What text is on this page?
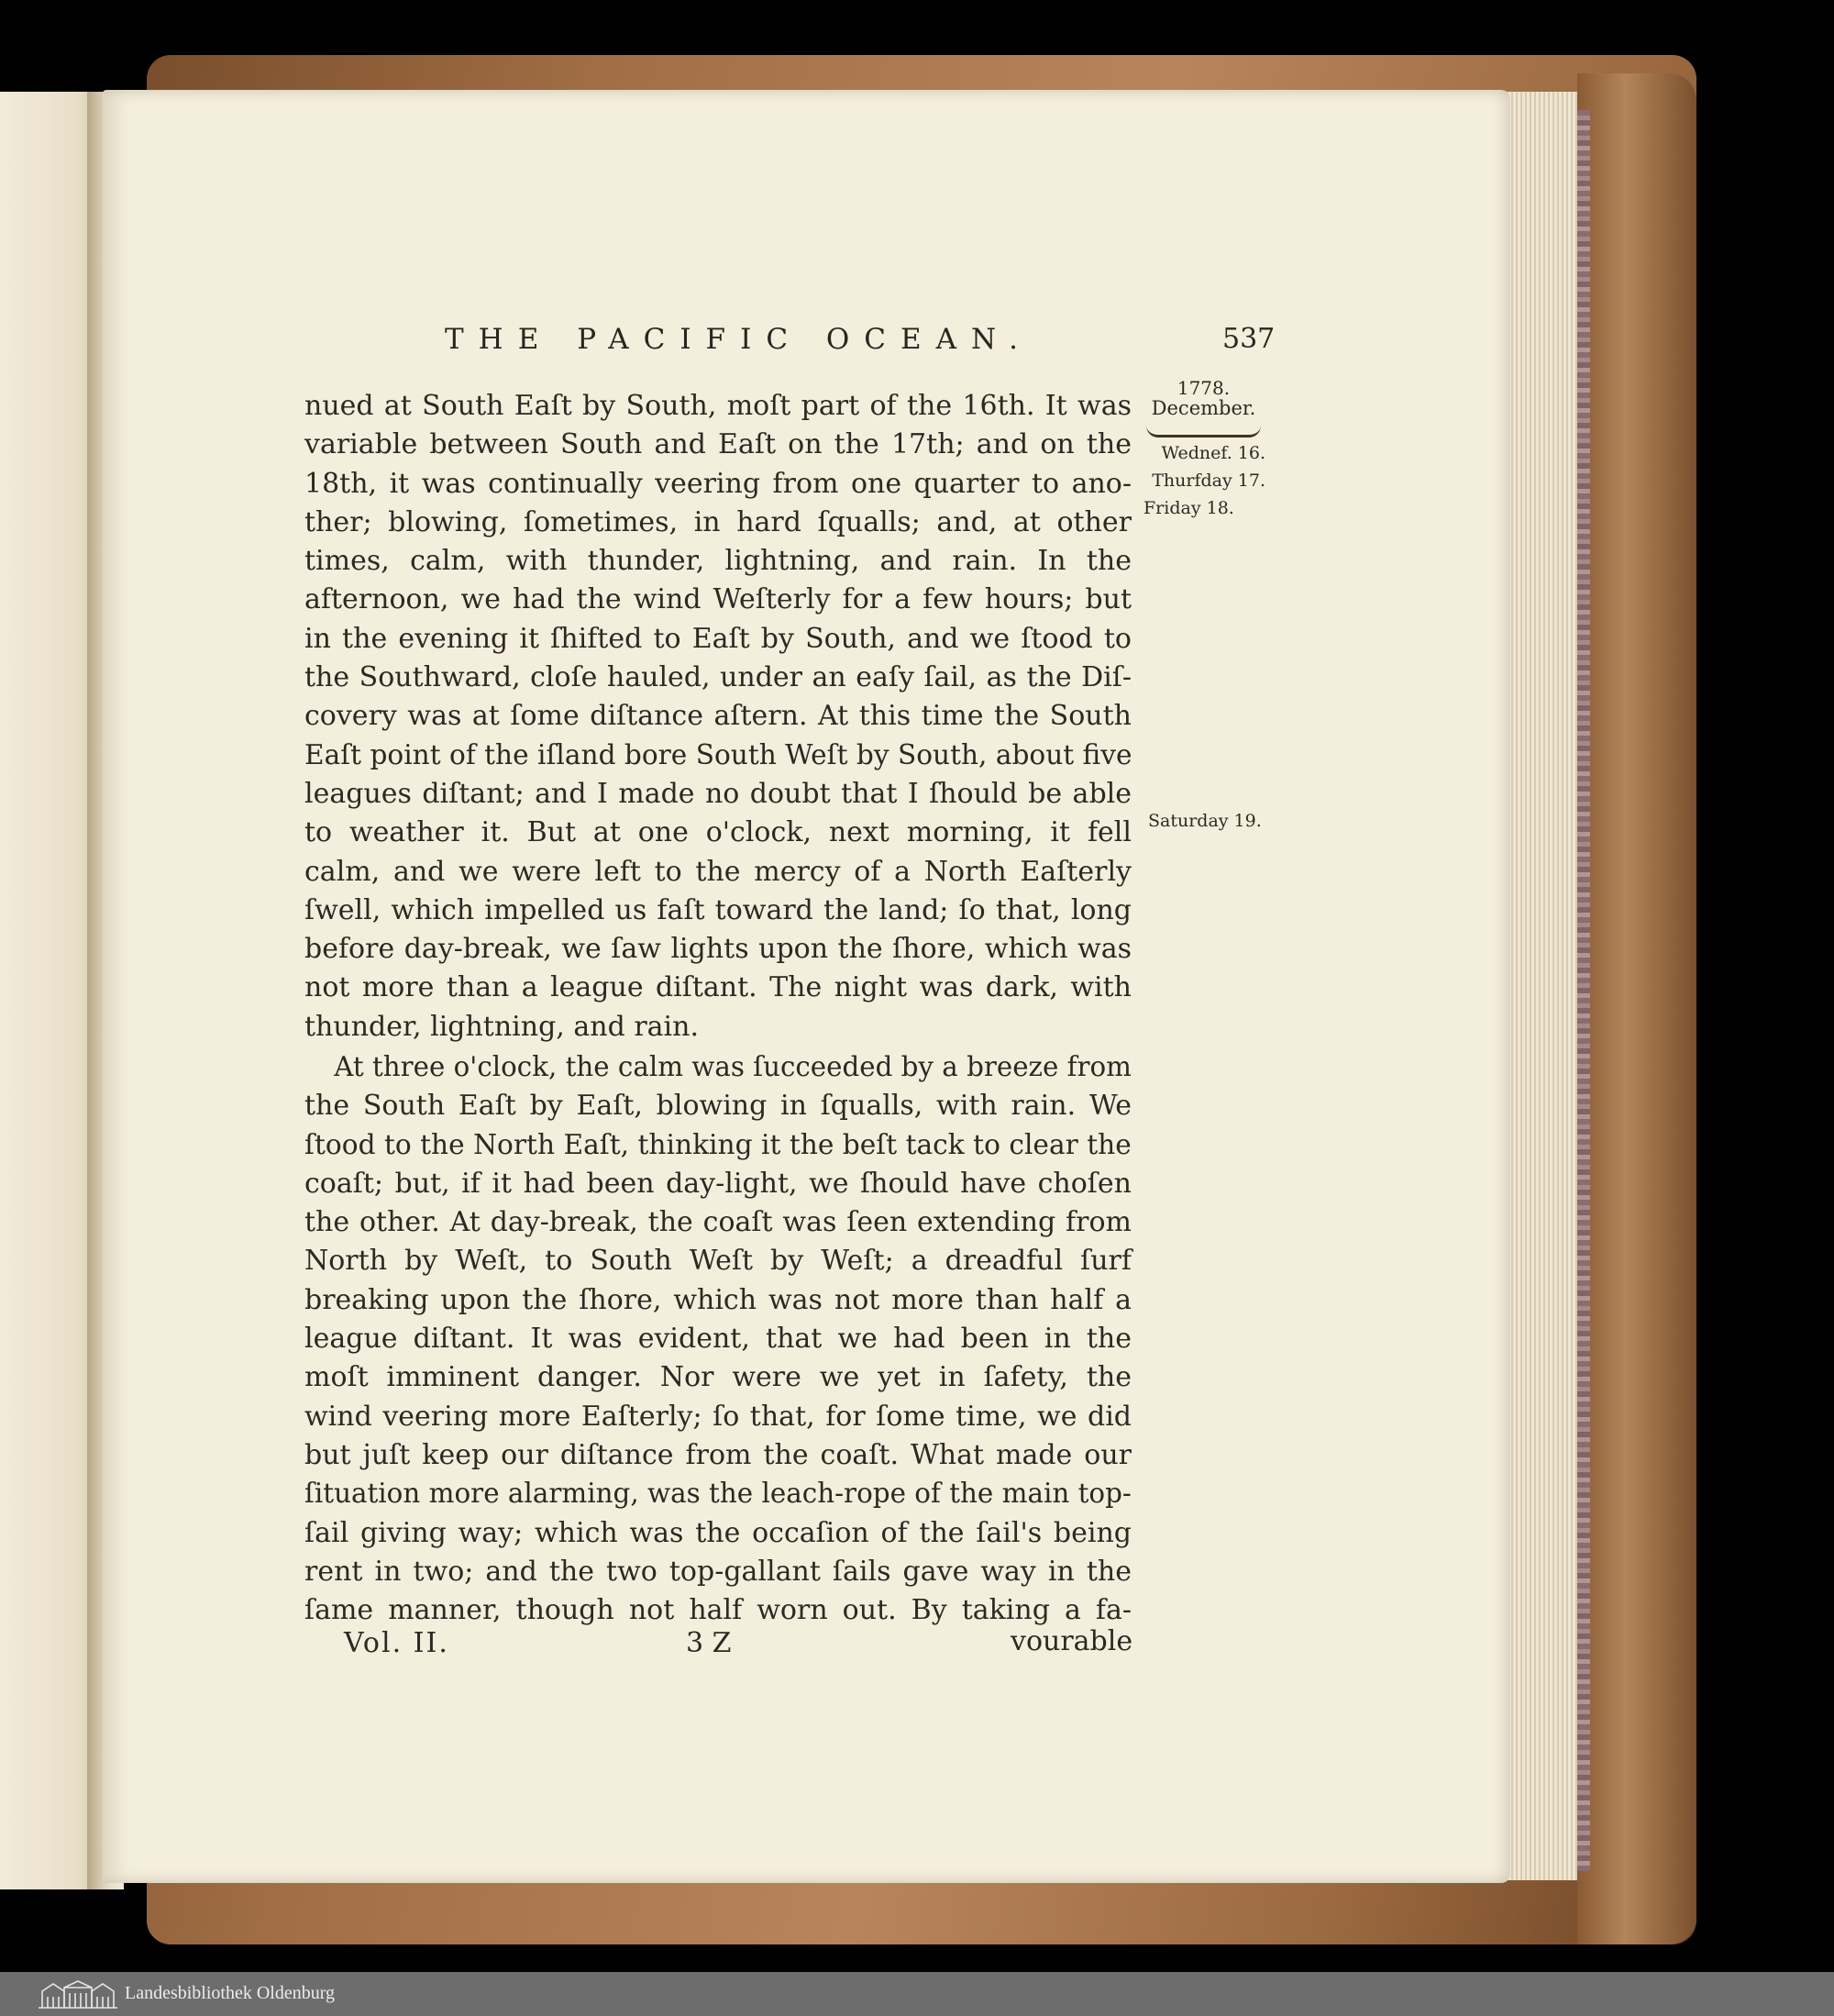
THE PACIFIC OCEAN.	537
nued at South Eaſt by South, moſt part of the 16th. It was
variable between South and Eaſt on the 17th; and on the
18th, it was continually veering from one quarter to ano-
ther; blowing, ſometimes, in hard ſqualls; and, at other
times, calm, with thunder, lightning, and rain. In the
afternoon, we had the wind Weſterly for a few hours; but
in the evening it ſhifted to Eaſt by South, and we ſtood to
the Southward, cloſe hauled, under an eaſy ſail, as the Diſ-
covery was at ſome diſtance aſtern. At this time the South
Eaſt point of the iſland bore South Weſt by South, about five
leagues diſtant; and I made no doubt that I ſhould be able
to weather it. But at one o'clock, next morning, it fell
calm, and we were left to the mercy of a North Eaſterly
ſwell, which impelled us faſt toward the land; ſo that, long
before day-break, we ſaw lights upon the ſhore, which was
not more than a league diſtant. The night was dark, with
thunder, lightning, and rain.
At three o'clock, the calm was ſucceeded by a breeze from
the South Eaſt by Eaſt, blowing in ſqualls, with rain. We
ſtood to the North Eaſt, thinking it the beſt tack to clear the
coaſt; but, if it had been day-light, we ſhould have choſen
the other. At day-break, the coaſt was ſeen extending from
North by Weſt, to South Weſt by Weſt; a dreadful ſurf
breaking upon the ſhore, which was not more than half a
league diſtant. It was evident, that we had been in the
moſt imminent danger. Nor were we yet in ſafety, the
wind veering more Eaſterly; ſo that, for ſome time, we did
but juſt keep our diſtance from the coaſt. What made our
ſituation more alarming, was the leach-rope of the main top-
ſail giving way; which was the occaſion of the ſail's being
rent in two; and the two top-gallant ſails gave way in the
ſame manner, though not half worn out. By taking a fa-
1778.
December.
Wednef. 16.
Thurfday 17.
Friday 18.
Saturday 19.
Vol. II.	3 Z	vourable
Landesbibliothek Oldenburg
